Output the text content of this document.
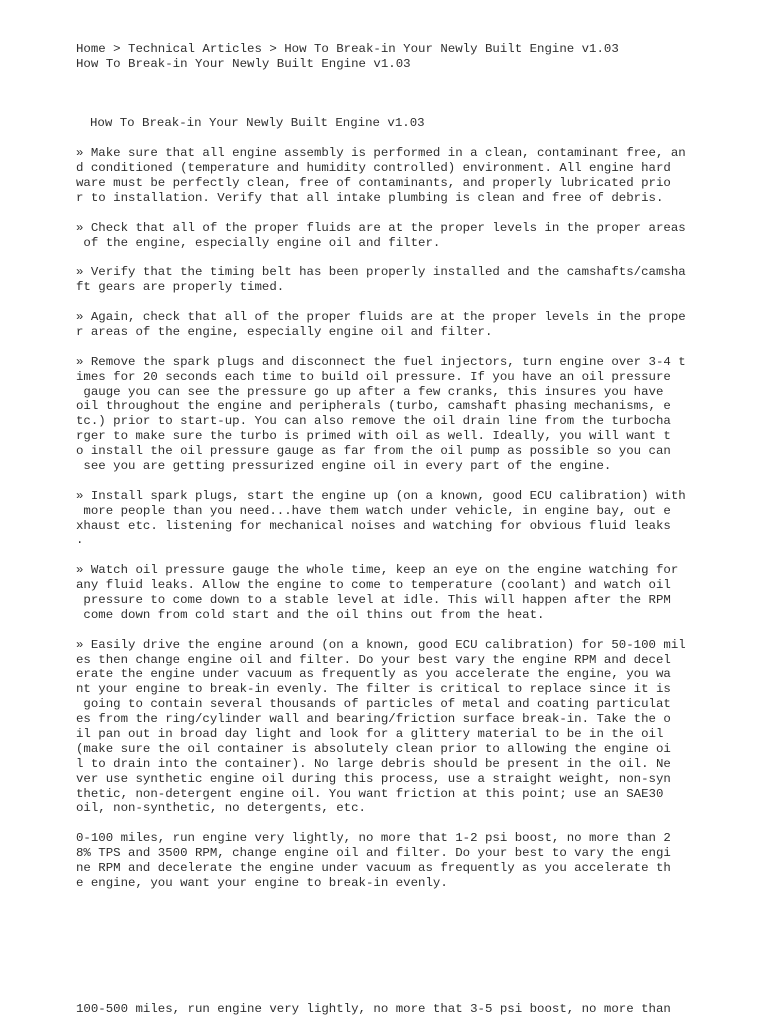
Home > Technical Articles > How To Break-in Your Newly Built Engine v1.03
How To Break-in Your Newly Built Engine v1.03
How To Break-in Your Newly Built Engine v1.03
» Make sure that all engine assembly is performed in a clean, contaminant free, an
d conditioned (temperature and humidity controlled) environment. All engine hard
ware must be perfectly clean, free of contaminants, and properly lubricated prio
r to installation. Verify that all intake plumbing is clean and free of debris.
» Check that all of the proper fluids are at the proper levels in the proper areas
of the engine, especially engine oil and filter.
» Verify that the timing belt has been properly installed and the camshafts/camsha
ft gears are properly timed.
» Again, check that all of the proper fluids are at the proper levels in the prope
r areas of the engine, especially engine oil and filter.
» Remove the spark plugs and disconnect the fuel injectors, turn engine over 3-4 t
imes for 20 seconds each time to build oil pressure. If you have an oil pressure
gauge you can see the pressure go up after a few cranks, this insures you have
oil throughout the engine and peripherals (turbo, camshaft phasing mechanisms, e
tc.) prior to start-up. You can also remove the oil drain line from the turbocha
rger to make sure the turbo is primed with oil as well. Ideally, you will want t
o install the oil pressure gauge as far from the oil pump as possible so you can
see you are getting pressurized engine oil in every part of the engine.
» Install spark plugs, start the engine up (on a known, good ECU calibration) with
more people than you need...have them watch under vehicle, in engine bay, out e
xhaust etc. listening for mechanical noises and watching for obvious fluid leaks
.
» Watch oil pressure gauge the whole time, keep an eye on the engine watching for
any fluid leaks. Allow the engine to come to temperature (coolant) and watch oil
pressure to come down to a stable level at idle. This will happen after the RPM
come down from cold start and the oil thins out from the heat.
» Easily drive the engine around (on a known, good ECU calibration) for 50-100 mil
es then change engine oil and filter. Do your best vary the engine RPM and decel
erate the engine under vacuum as frequently as you accelerate the engine, you wa
nt your engine to break-in evenly. The filter is critical to replace since it is
going to contain several thousands of particles of metal and coating particulat
es from the ring/cylinder wall and bearing/friction surface break-in. Take the o
il pan out in broad day light and look for a glittery material to be in the oil
(make sure the oil container is absolutely clean prior to allowing the engine oi
l to drain into the container). No large debris should be present in the oil. Ne
ver use synthetic engine oil during this process, use a straight weight, non-syn
thetic, non-detergent engine oil. You want friction at this point; use an SAE30
oil, non-synthetic, no detergents, etc.
0-100 miles, run engine very lightly, no more that 1-2 psi boost, no more than 2
8% TPS and 3500 RPM, change engine oil and filter. Do your best to vary the engi
ne RPM and decelerate the engine under vacuum as frequently as you accelerate th
e engine, you want your engine to break-in evenly.
100-500 miles, run engine very lightly, no more that 3-5 psi boost, no more than
